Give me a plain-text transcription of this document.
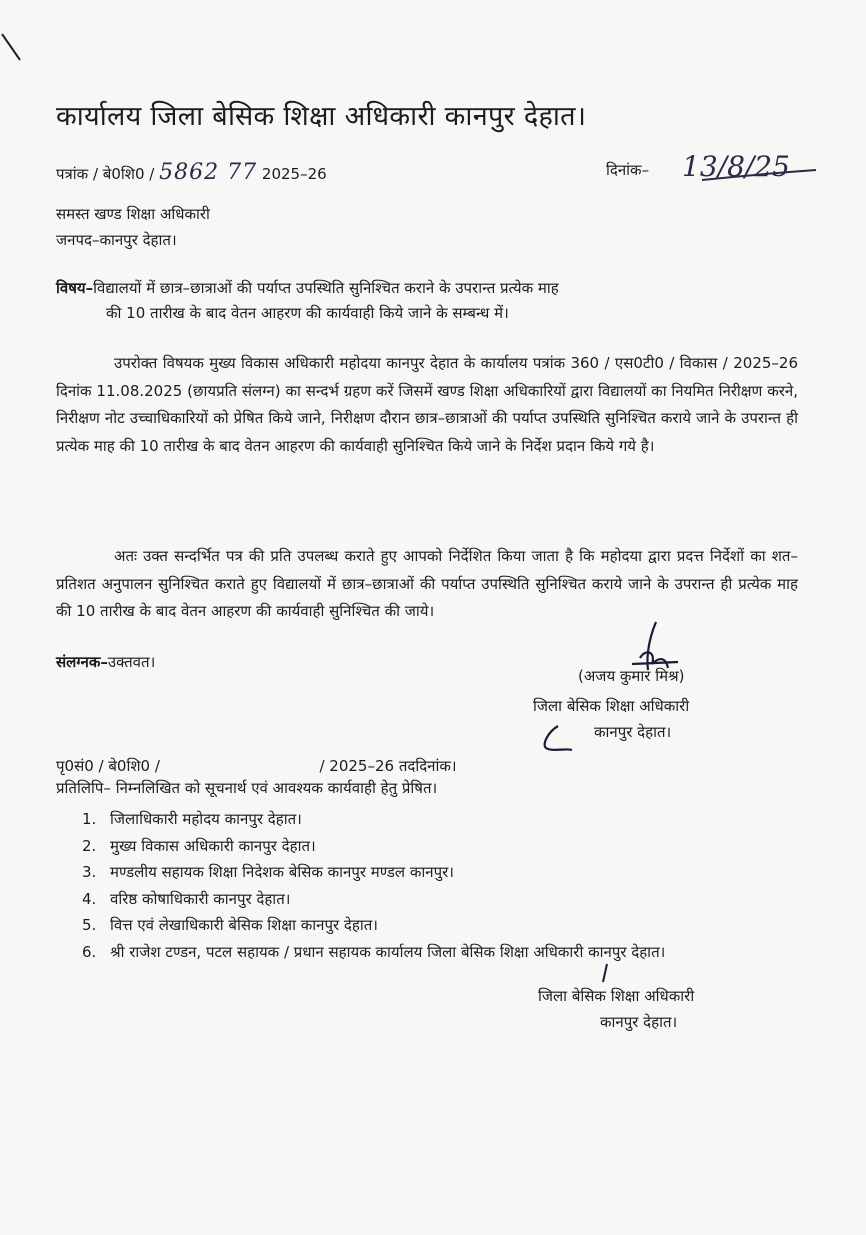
कार्यालय जिला बेसिक शिक्षा अधिकारी कानपुर देहात।
पत्रांक / बे0शि0 / 5862 77 2025–26	दिनांक– 13/8/25
समस्त खण्ड शिक्षा अधिकारी
जनपद–कानपुर देहात।
विषय–विद्यालयों में छात्र–छात्राओं की पर्याप्त उपस्थिति सुनिश्चित कराने के उपरान्त प्रत्येक माह
की 10 तारीख के बाद वेतन आहरण की कार्यवाही किये जाने के सम्बन्ध में।
उपरोक्त विषयक मुख्य विकास अधिकारी महोदया कानपुर देहात के कार्यालय पत्रांक 360 / एस0टी0 / विकास / 2025–26 दिनांक 11.08.2025 (छायप्रति संलग्न) का सन्दर्भ ग्रहण करें जिसमें खण्ड शिक्षा अधिकारियों द्वारा विद्यालयों का नियमित निरीक्षण करने, निरीक्षण नोट उच्चाधिकारियों को प्रेषित किये जाने, निरीक्षण दौरान छात्र–छात्राओं की पर्याप्त उपस्थिति सुनिश्चित कराये जाने के उपरान्त ही प्रत्येक माह की 10 तारीख के बाद वेतन आहरण की कार्यवाही सुनिश्चित किये जाने के निर्देश प्रदान किये गये है।
अतः उक्त सन्दर्भित पत्र की प्रति उपलब्ध कराते हुए आपको निर्देशित किया जाता है कि महोदया द्वारा प्रदत्त निर्देशों का शत–प्रतिशत अनुपालन सुनिश्चित कराते हुए विद्यालयों में छात्र–छात्राओं की पर्याप्त उपस्थिति सुनिश्चित कराये जाने के उपरान्त ही प्रत्येक माह की 10 तारीख के बाद वेतन आहरण की कार्यवाही सुनिश्चित की जाये।
संलग्नक–उक्तवत।
(अजय कुमार मिश्र)
जिला बेसिक शिक्षा अधिकारी
कानपुर देहात।
पृ0सं0 / बे0शि0 /	/ 2025–26 तददिनांक।
प्रतिलिपि– निम्नलिखित को सूचनार्थ एवं आवश्यक कार्यवाही हेतु प्रेषित।
1. जिलाधिकारी महोदय कानपुर देहात।
2. मुख्य विकास अधिकारी कानपुर देहात।
3. मण्डलीय सहायक शिक्षा निदेशक बेसिक कानपुर मण्डल कानपुर।
4. वरिष्ठ कोषाधिकारी कानपुर देहात।
5. वित्त एवं लेखाधिकारी बेसिक शिक्षा कानपुर देहात।
6. श्री राजेश टण्डन, पटल सहायक / प्रधान सहायक कार्यालय जिला बेसिक शिक्षा अधिकारी कानपुर देहात।
जिला बेसिक शिक्षा अधिकारी
कानपुर देहात।
